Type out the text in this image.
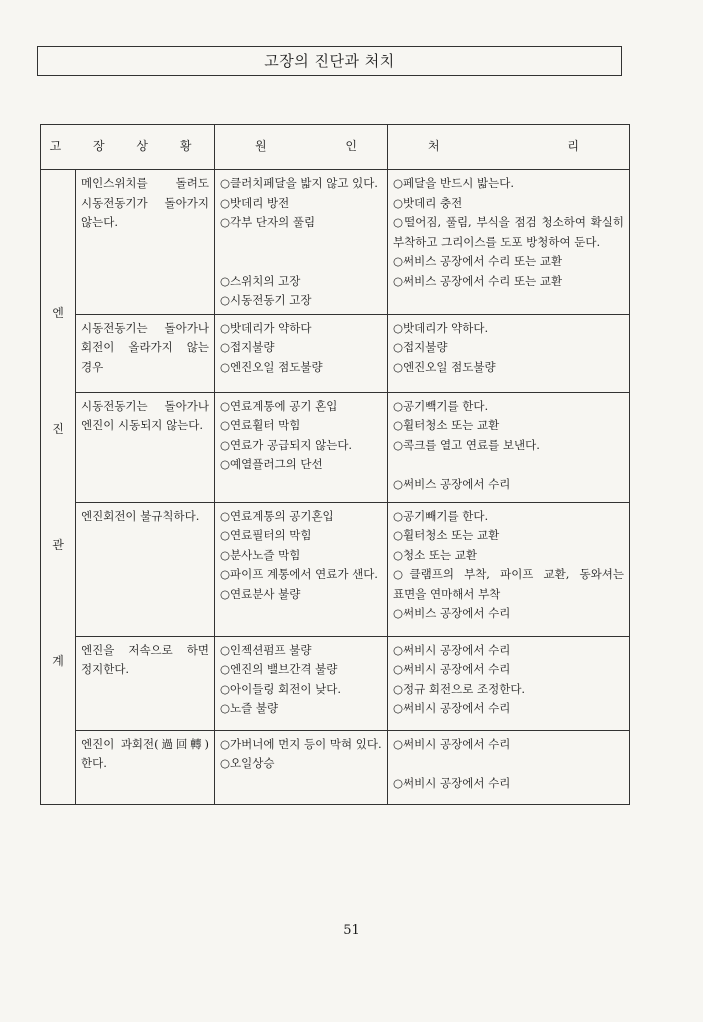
고장의 진단과 처치
고 장 상 황		원 인	처 리

엔
진
관
계	메인스위치를 돌려도 시동전동기가 돌아가지 않는다.	○클러치페달을 밟지 않고 있다.
○밧데리 방전
○각부 단자의 풀림
○스위치의 고장
○시동전동기 고장	○페달을 반드시 밟는다.
○밧데리 충전
○떨어짐, 풀림, 부식을 점검 청소하여 확실히 부착하고 그리이스를 도포 방청하여 둔다.
○써비스 공장에서 수리 또는 교환
○써비스 공장에서 수리 또는 교환

	시동전동기는 돌아가나 회전이 올라가지 않는 경우	○밧데리가 약하다
○접지불량
○엔진오일 점도불량	○밧데리가 약하다.
○접지불량
○엔진오일 점도불량

	시동전동기는 돌아가나 엔진이 시동되지 않는다.	○연료계통에 공기 혼입
○연료휠터 막힘
○연료가 공급되지 않는다.
○예열플러그의 단선	○공기빽기를 한다.
○휠터청소 또는 교환
○콕크를 열고 연료를 보낸다.
○써비스 공장에서 수리

	엔진회전이 불규칙하다.	○연료계통의 공기혼입
○연료필터의 막힘
○분사노즐 막힘
○파이프 계통에서 연료가 샌다.
○연료분사 불량	○공기빼기를 한다.
○휠터청소 또는 교환
○청소 또는 교환
○클램프의 부착, 파이프 교환, 동와셔는 표면을 연마해서 부착
○써비스 공장에서 수리

	엔진을 저속으로 하면 정지한다.	○인젝션펌프 불량
○엔진의 밸브간격 불량
○아이들링 회전이 낮다.
○노즐 불량	○써비시 공장에서 수리
○써비시 공장에서 수리
○정규 회전으로 조정한다.
○써비시 공장에서 수리

	엔진이 과회전(過回轉) 한다.	○가버너에 먼지 등이 막혀 있다.
○오일상승	○써비시 공장에서 수리
○써비시 공장에서 수리
51
